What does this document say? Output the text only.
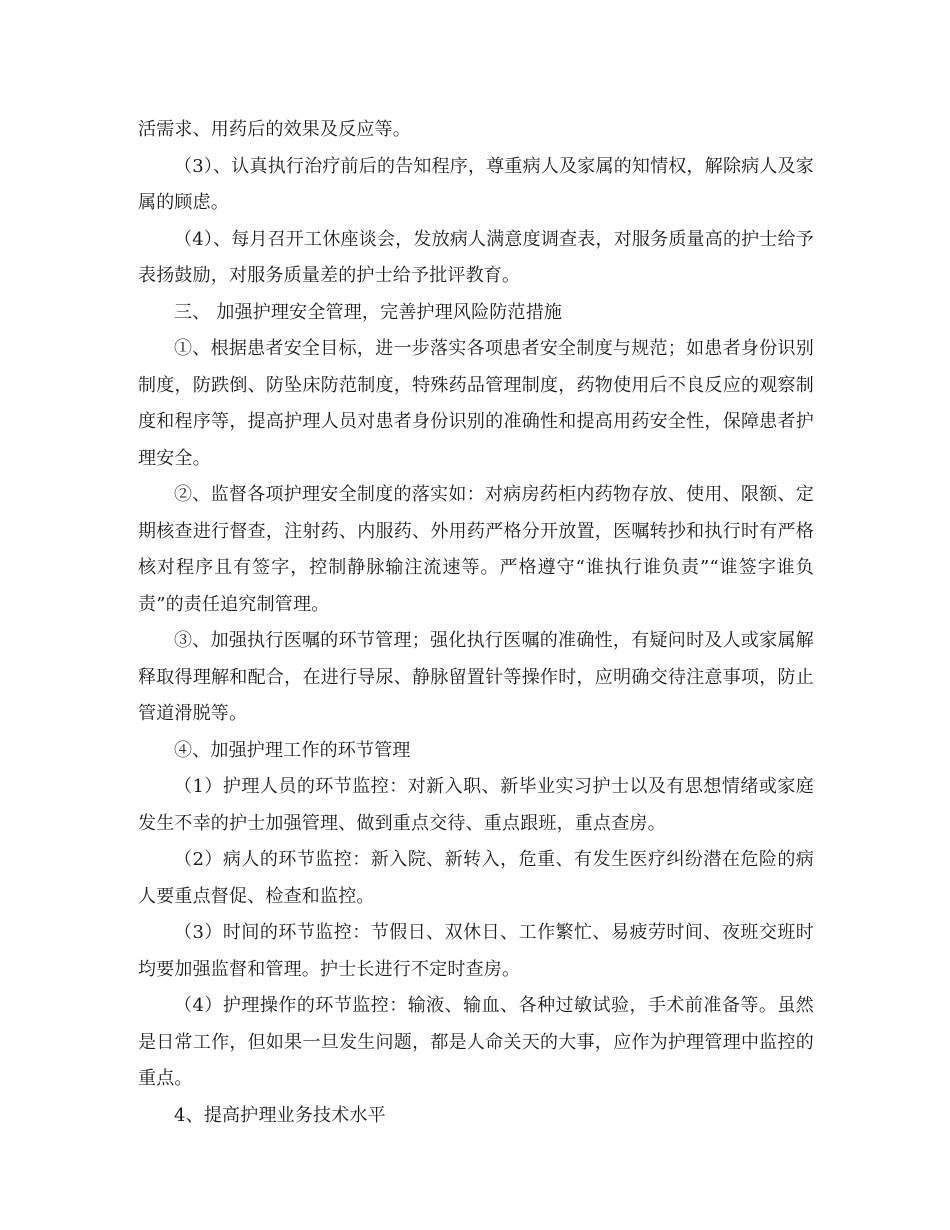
活需求、用药后的效果及反应等。

（3）、认真执行治疗前后的告知程序，尊重病人及家属的知情权，解除病人及家属的顾虑。

（4）、每月召开工休座谈会，发放病人满意度调查表，对服务质量高的护士给予表扬鼓励，对服务质量差的护士给予批评教育。

三、 加强护理安全管理，完善护理风险防范措施

①、根据患者安全目标，进一步落实各项患者安全制度与规范；如患者身份识别制度，防跌倒、防坠床防范制度，特殊药品管理制度，药物使用后不良反应的观察制度和程序等，提高护理人员对患者身份识别的准确性和提高用药安全性，保障患者护理安全。

②、监督各项护理安全制度的落实如：对病房药柜内药物存放、使用、限额、定期核查进行督查，注射药、内服药、外用药严格分开放置，医嘱转抄和执行时有严格核对程序且有签字，控制静脉输注流速等。严格遵守“谁执行谁负责”“谁签字谁负责”的责任追究制管理。

③、加强执行医嘱的环节管理；强化执行医嘱的准确性，有疑问时及人或家属解释取得理解和配合，在进行导尿、静脉留置针等操作时，应明确交待注意事项，防止管道滑脱等。

④、加强护理工作的环节管理

（1）护理人员的环节监控：对新入职、新毕业实习护士以及有思想情绪或家庭发生不幸的护士加强管理、做到重点交待、重点跟班，重点查房。

（2）病人的环节监控：新入院、新转入，危重、有发生医疗纠纷潜在危险的病人要重点督促、检查和监控。

（3）时间的环节监控：节假日、双休日、工作繁忙、易疲劳时间、夜班交班时均要加强监督和管理。护士长进行不定时查房。

（4）护理操作的环节监控：输液、输血、各种过敏试验，手术前准备等。虽然是日常工作，但如果一旦发生问题，都是人命关天的大事，应作为护理管理中监控的重点。

4、提高护理业务技术水平
